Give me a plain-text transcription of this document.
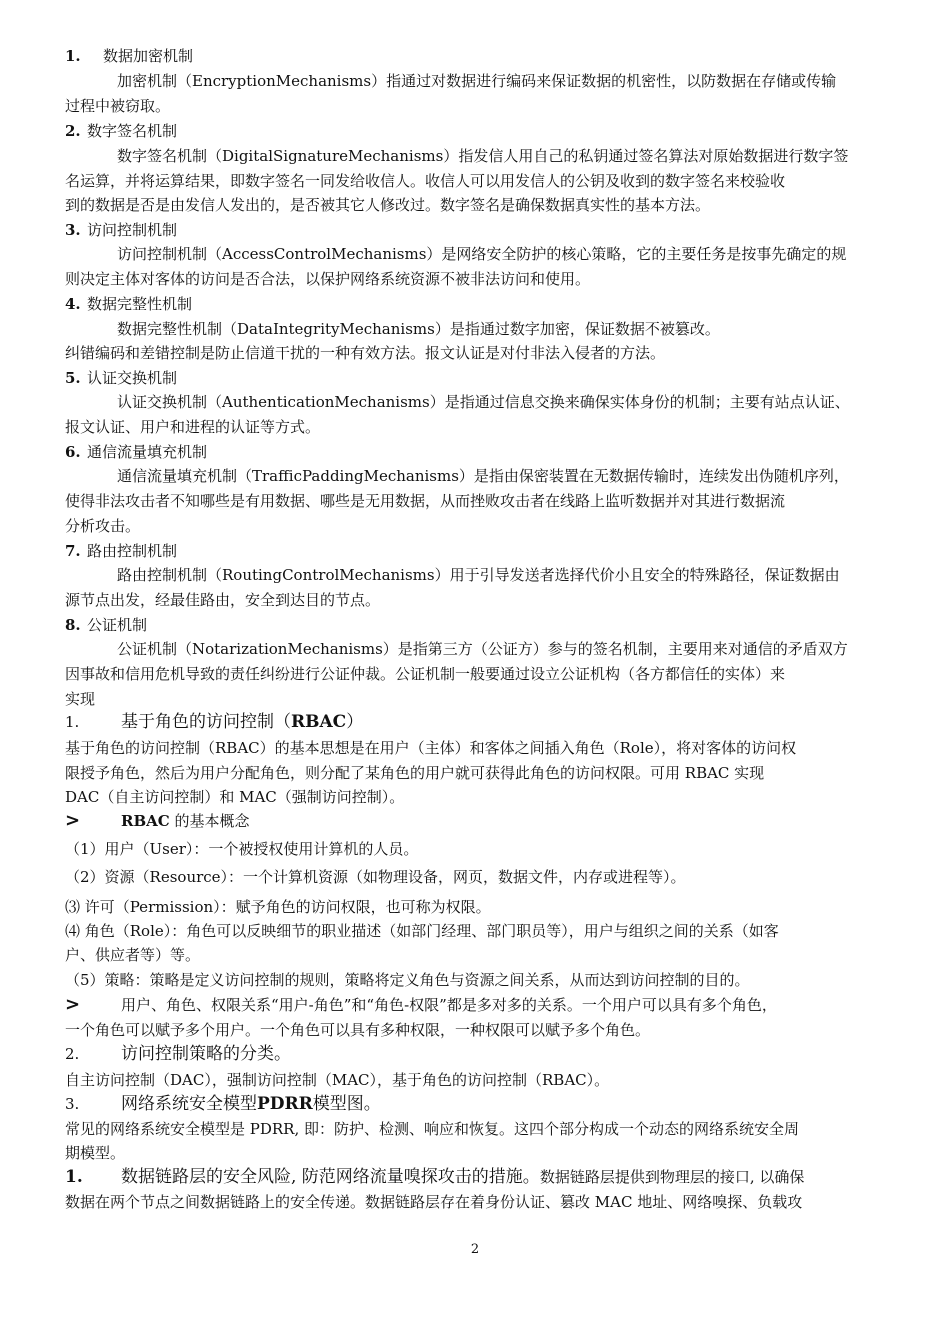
1. 数据加密机制
加密机制（EncryptionMechanisms）指通过对数据进行编码来保证数据的机密性，以防数据在存储或传输
过程中被窃取。
2. 数字签名机制
数字签名机制（DigitalSignatureMechanisms）指发信人用自己的私钥通过签名算法对原始数据进行数字签
名运算，并将运算结果，即数字签名一同发给收信人。收信人可以用发信人的公钥及收到的数字签名来校验收
到的数据是否是由发信人发出的，是否被其它人修改过。数字签名是确保数据真实性的基本方法。
3. 访问控制机制
访问控制机制（AccessControlMechanisms）是网络安全防护的核心策略，它的主要任务是按事先确定的规
则决定主体对客体的访问是否合法，以保护网络系统资源不被非法访问和使用。
4. 数据完整性机制
数据完整性机制（DataIntegrityMechanisms）是指通过数字加密，保证数据不被篡改。
纠错编码和差错控制是防止信道干扰的一种有效方法。报文认证是对付非法入侵者的方法。
5. 认证交换机制
认证交换机制（AuthenticationMechanisms）是指通过信息交换来确保实体身份的机制；主要有站点认证、
报文认证、用户和进程的认证等方式。
6. 通信流量填充机制
通信流量填充机制（TrafficPaddingMechanisms）是指由保密装置在无数据传输时，连续发出伪随机序列，
使得非法攻击者不知哪些是有用数据、哪些是无用数据，从而挫败攻击者在线路上监听数据并对其进行数据流
分析攻击。
7. 路由控制机制
路由控制机制（RoutingControlMechanisms）用于引导发送者选择代价小且安全的特殊路径，保证数据由
源节点出发，经最佳路由，安全到达目的节点。
8. 公证机制
公证机制（NotarizationMechanisms）是指第三方（公证方）参与的签名机制，主要用来对通信的矛盾双方
因事故和信用危机导致的责任纠纷进行公证仲裁。公证机制一般要通过设立公证机构（各方都信任的实体）来
实现
1. 基于角色的访问控制（RBAC）
基于角色的访问控制（RBAC）的基本思想是在用户（主体）和客体之间插入角色（Role），将对客体的访问权
限授予角色，然后为用户分配角色，则分配了某角色的用户就可获得此角色的访问权限。可用 RBAC 实现
DAC（自主访问控制）和 MAC（强制访问控制）。
>	RBAC 的基本概念
（1）用户（User）：一个被授权使用计算机的人员。
（2）资源（Resource）：一个计算机资源（如物理设备，网页，数据文件，内存或进程等）。
⑶ 许可（Permission）：赋予角色的访问权限，也可称为权限。
⑷ 角色（Role）：角色可以反映细节的职业描述（如部门经理、部门职员等），用户与组织之间的关系（如客
户、供应者等）等。
（5）策略：策略是定义访问控制的规则，策略将定义角色与资源之间关系，从而达到访问控制的目的。
>	用户、角色、权限关系“用户-角色”和“角色-权限”都是多对多的关系。一个用户可以具有多个角色，
一个角色可以赋予多个用户。一个角色可以具有多种权限，一种权限可以赋予多个角色。
2. 访问控制策略的分类。
自主访问控制（DAC），强制访问控制（MAC），基于角色的访问控制（RBAC）。
3. 网络系统安全模型PDRR模型图。
常见的网络系统安全模型是 PDRR, 即：防护、检测、响应和恢复。这四个部分构成一个动态的网络系统安全周
期模型。
1. 数据链路层的安全风险, 防范网络流量嗅探攻击的措施。数据链路层提供到物理层的接口, 以确保
数据在两个节点之间数据链路上的安全传递。数据链路层存在着身份认证、篡改 MAC 地址、网络嗅探、负载攻
2
